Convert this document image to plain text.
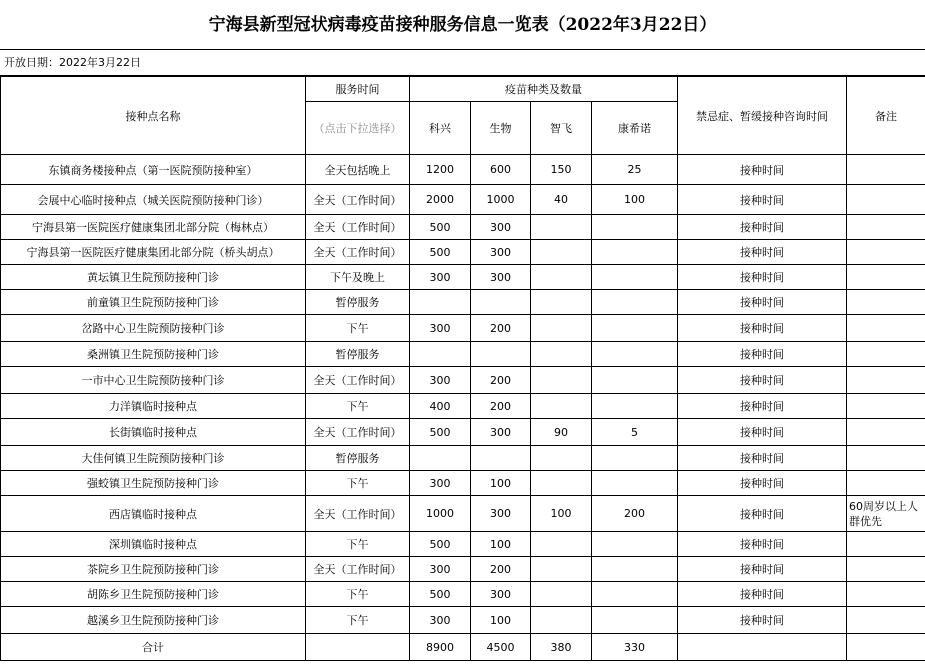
宁海县新型冠状病毒疫苗接种服务信息一览表（2022年3月22日）
开放日期：2022年3月22日
接种点名称	服务时间	疫苗种类及数量				禁忌症、暂缓接种咨询时间	备注
	（点击下拉选择）	科兴	生物	智飞	康希诺		
东镇商务楼接种点（第一医院预防接种室）	全天包括晚上	1200	600	150	25	接种时间	
会展中心临时接种点（城关医院预防接种门诊）	全天（工作时间）	2000	1000	40	100	接种时间	
宁海县第一医院医疗健康集团北部分院（梅林点）	全天（工作时间）	500	300			接种时间	
宁海县第一医院医疗健康集团北部分院（桥头胡点）	全天（工作时间）	500	300			接种时间	
黄坛镇卫生院预防接种门诊	下午及晚上	300	300			接种时间	
前童镇卫生院预防接种门诊	暂停服务					接种时间	
岔路中心卫生院预防接种门诊	下午	300	200			接种时间	
桑洲镇卫生院预防接种门诊	暂停服务					接种时间	
一市中心卫生院预防接种门诊	全天（工作时间）	300	200			接种时间	
力洋镇临时接种点	下午	400	200			接种时间	
长街镇临时接种点	全天（工作时间）	500	300	90	5	接种时间	
大佳何镇卫生院预防接种门诊	暂停服务					接种时间	
强蛟镇卫生院预防接种门诊	下午	300	100			接种时间	
西店镇临时接种点	全天（工作时间）	1000	300	100	200	接种时间	60周岁以上人群优先
深圳镇临时接种点	下午	500	100			接种时间	
茶院乡卫生院预防接种门诊	全天（工作时间）	300	200			接种时间	
胡陈乡卫生院预防接种门诊	下午	500	300			接种时间	
越溪乡卫生院预防接种门诊	下午	300	100			接种时间	
合计		8900	4500	380	330		
